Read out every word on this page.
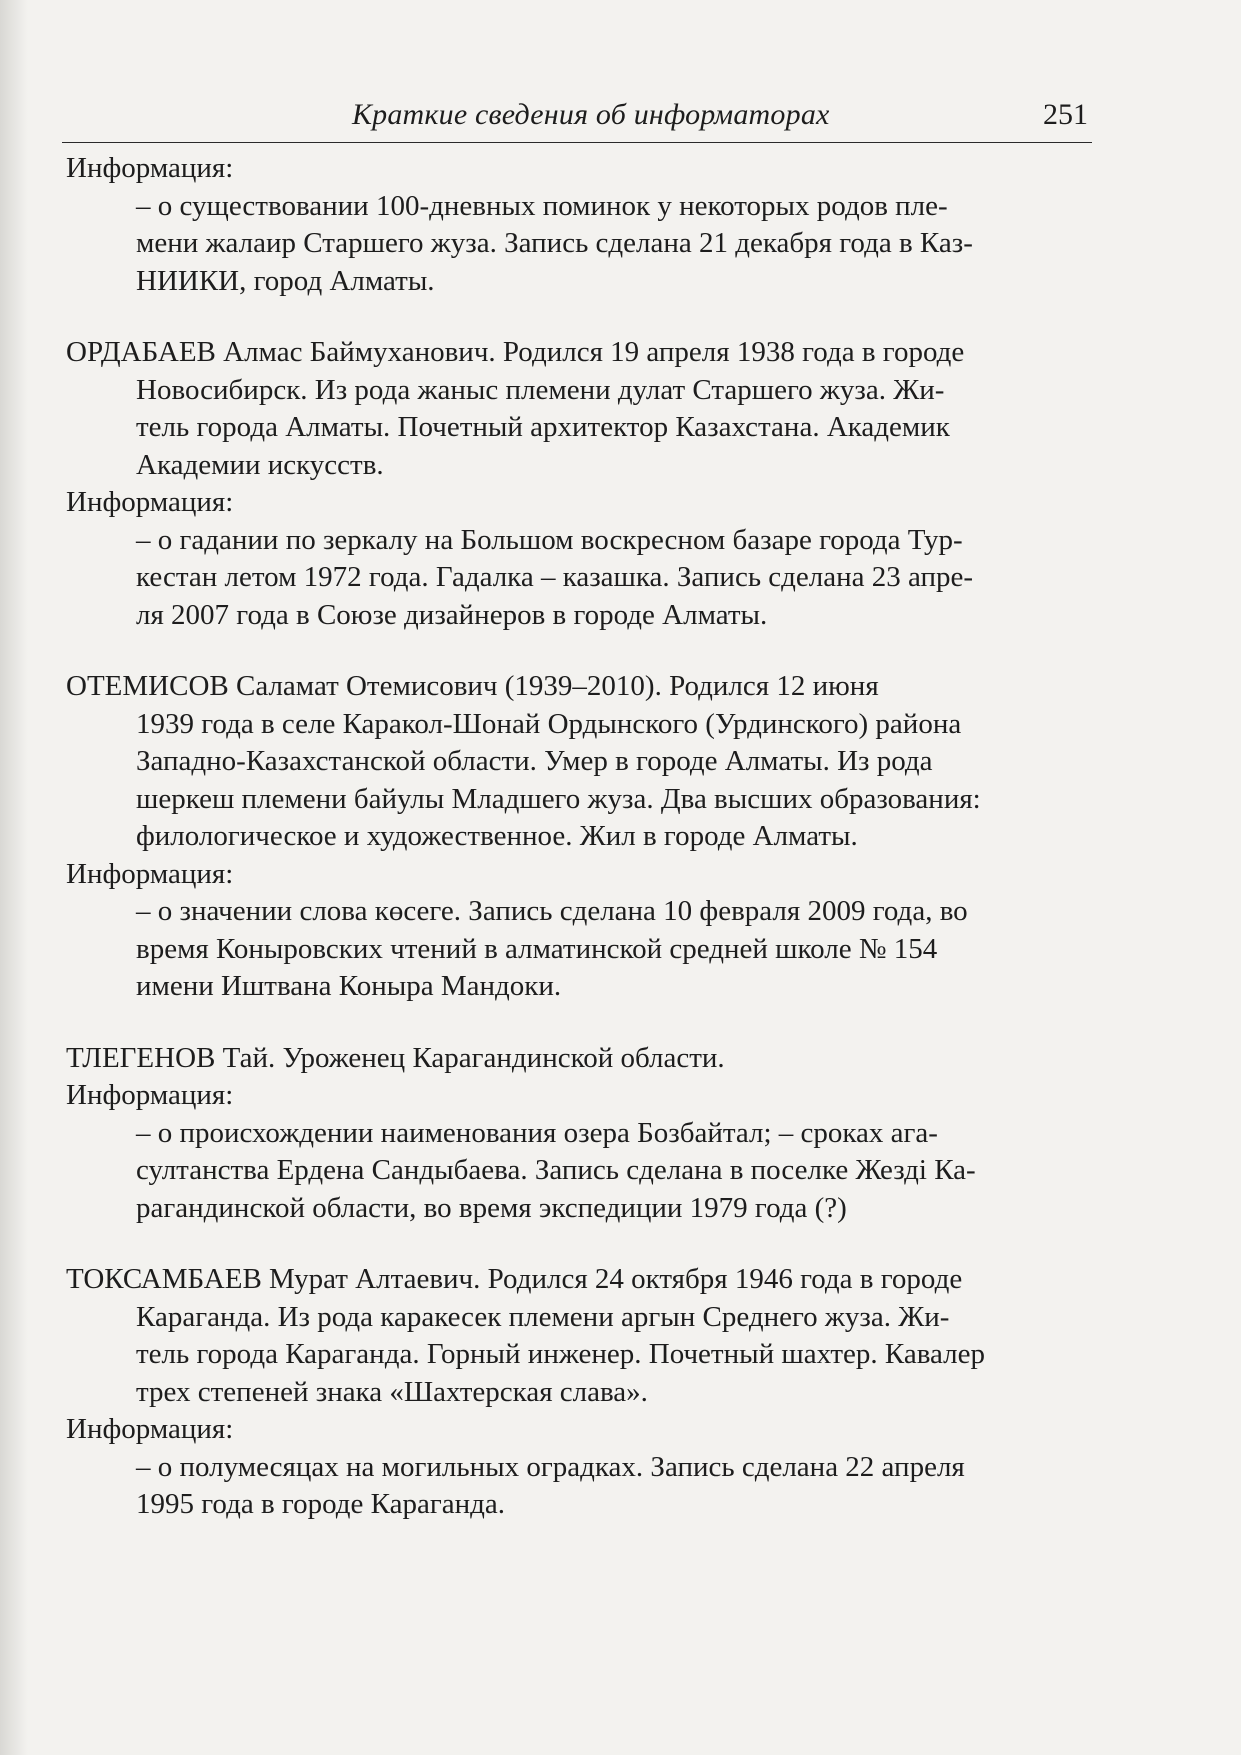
Краткие сведения об информаторах	251

Информация:

– о существовании 100-дневных поминок у некоторых родов пле-
мени жалаир Старшего жуза. Запись сделана 21 декабря года в Каз-
НИИКИ, город Алматы.

ОРДАБАЕВ Алмас Баймуханович. Родился 19 апреля 1938 года в городе

Новосибирск. Из рода жаныс племени дулат Старшего жуза. Жи-
тель города Алматы. Почетный архитектор Казахстана. Академик
Академии искусств.

Информация:

– о гадании по зеркалу на Большом воскресном базаре города Тур-
кестан летом 1972 года. Гадалка – казашка. Запись сделана 23 апре-
ля 2007 года в Союзе дизайнеров в городе Алматы.

ОТЕМИСОВ Саламат Отемисович (1939–2010). Родился 12 июня

1939 года в селе Каракол-Шонай Ордынского (Урдинского) района
Западно-Казахстанской области. Умер в городе Алматы. Из рода
шеркеш племени байулы Младшего жуза. Два высших образования:
филологическое и художественное. Жил в городе Алматы.

Информация:

– о значении слова көсеге. Запись сделана 10 февраля 2009 года, во
время Коныровских чтений в алматинской средней школе № 154
имени Иштвана Коныра Мандоки.

ТЛЕГЕНОВ Тай. Уроженец Карагандинской области.

Информация:

– о происхождении наименования озера Бозбайтал; – сроках ага-
султанства Ердена Сандыбаева. Запись сделана в поселке Жезді Ка-
рагандинской области, во время экспедиции 1979 года (?)

ТОКСАМБАЕВ Мурат Алтаевич. Родился 24 октября 1946 года в городе

Караганда. Из рода каракесек племени аргын Среднего жуза. Жи-
тель города Караганда. Горный инженер. Почетный шахтер. Кавалер
трех степеней знака «Шахтерская слава».

Информация:

– о полумесяцах на могильных оградках. Запись сделана 22 апреля
1995 года в городе Караганда.
